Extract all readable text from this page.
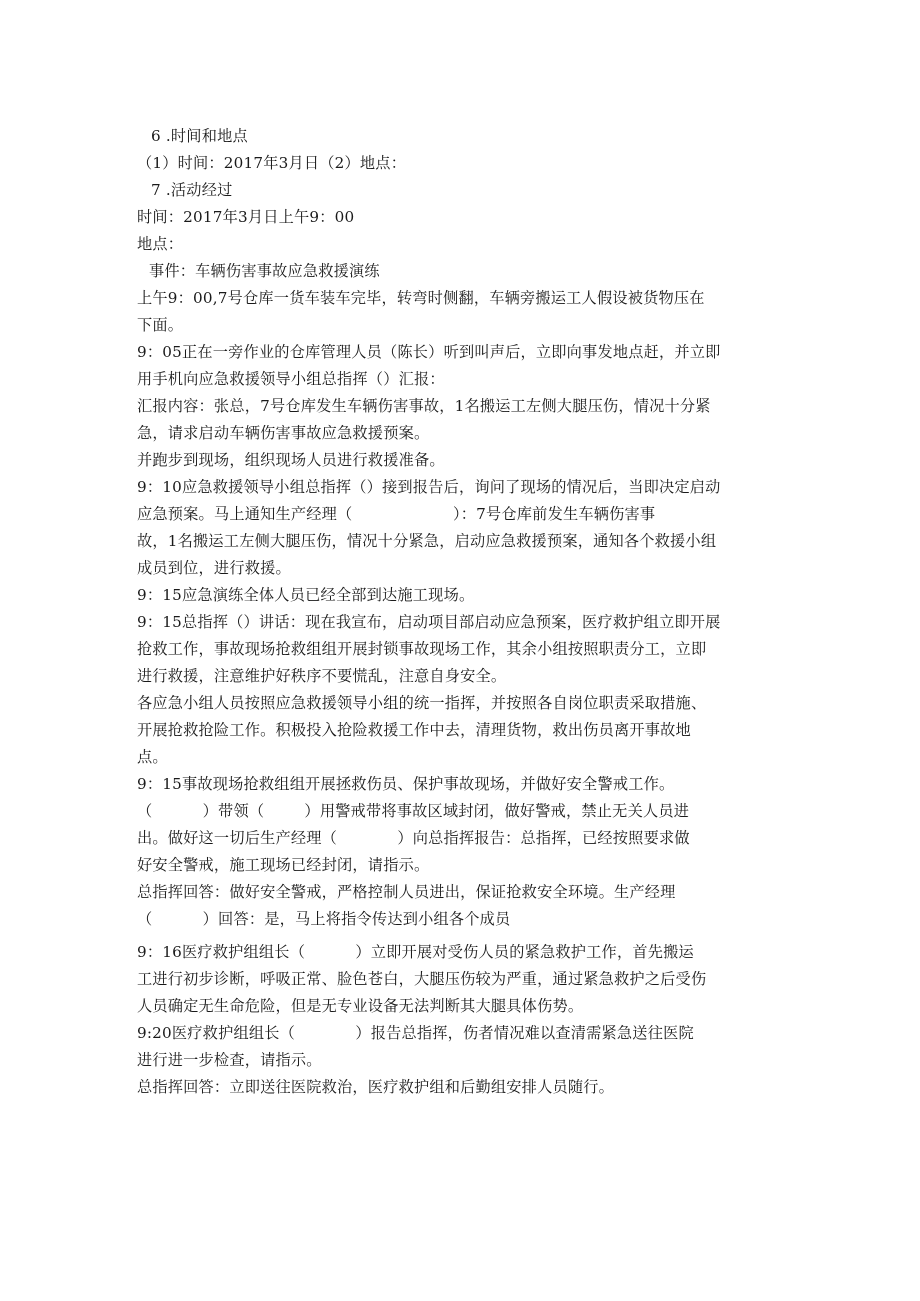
6 .时间和地点
（1）时间：2017年3月日（2）地点：
7 .活动经过
时间：2017年3月日上午9：00
地点：
事件：车辆伤害事故应急救援演练
上午9：00,7号仓库一货车装车完毕，转弯时侧翻，车辆旁搬运工人假设被货物压在
下面。
9：05正在一旁作业的仓库管理人员（陈长）听到叫声后，立即向事发地点赶，并立即
用手机向应急救援领导小组总指挥（）汇报：
汇报内容：张总，7号仓库发生车辆伤害事故，1名搬运工左侧大腿压伤，情况十分紧
急，请求启动车辆伤害事故应急救援预案。
并跑步到现场，组织现场人员进行救援准备。
9：10应急救援领导小组总指挥（）接到报告后，询问了现场的情况后，当即决定启动
应急预案。马上通知生产经理（                    ）：7号仓库前发生车辆伤害事
故，1名搬运工左侧大腿压伤，情况十分紧急，启动应急救援预案，通知各个救援小组
成员到位，进行救援。
9：15应急演练全体人员已经全部到达施工现场。
9：15总指挥（）讲话：现在我宣布，启动项目部启动应急预案，医疗救护组立即开展
抢救工作，事故现场抢救组组开展封锁事故现场工作，其余小组按照职责分工，立即
进行救援，注意维护好秩序不要慌乱，注意自身安全。
各应急小组人员按照应急救援领导小组的统一指挥，并按照各自岗位职责采取措施、
开展抢救抢险工作。积极投入抢险救援工作中去，清理货物，救出伤员离开事故地
点。
9：15事故现场抢救组组开展拯救伤员、保护事故现场，并做好安全警戒工作。
（          ）带领（        ）用警戒带将事故区域封闭，做好警戒，禁止无关人员进
出。做好这一切后生产经理（            ）向总指挥报告：总指挥，已经按照要求做
好安全警戒，施工现场已经封闭，请指示。
总指挥回答：做好安全警戒，严格控制人员进出，保证抢救安全环境。生产经理
（          ）回答：是，马上将指令传达到小组各个成员
9：16医疗救护组组长（          ）立即开展对受伤人员的紧急救护工作，首先搬运
工进行初步诊断，呼吸正常、脸色苍白，大腿压伤较为严重，通过紧急救护之后受伤
人员确定无生命危险，但是无专业设备无法判断其大腿具体伤势。
9:20医疗救护组组长（            ）报告总指挥，伤者情况难以查清需紧急送往医院
进行进一步检查，请指示。
总指挥回答：立即送往医院救治，医疗救护组和后勤组安排人员随行。
